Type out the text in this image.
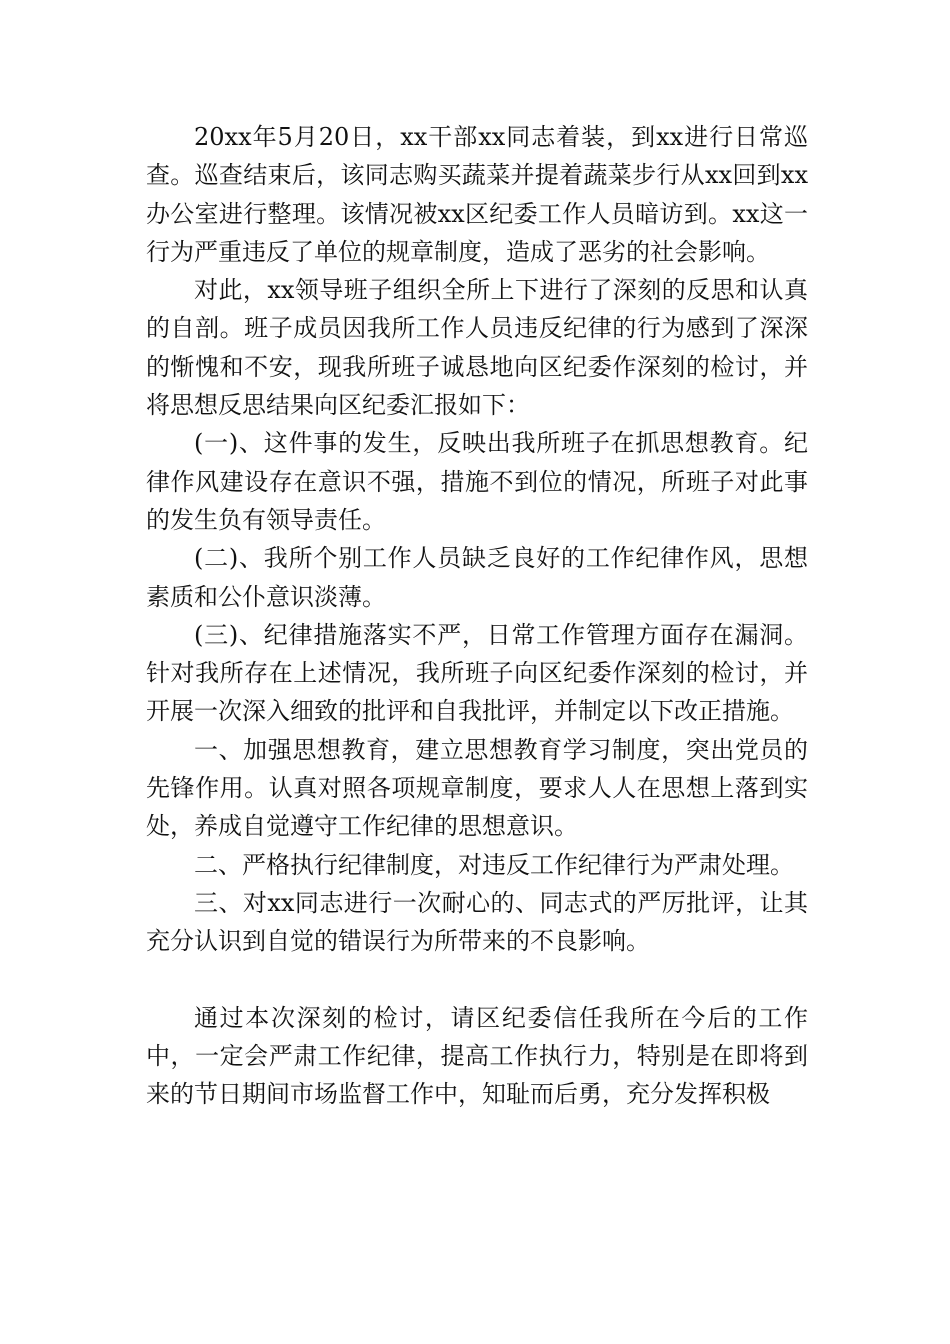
20xx年5月20日，xx干部xx同志着装，到xx进行日常巡查。巡查结束后，该同志购买蔬菜并提着蔬菜步行从xx回到xx办公室进行整理。该情况被xx区纪委工作人员暗访到。xx这一行为严重违反了单位的规章制度，造成了恶劣的社会影响。

对此，xx领导班子组织全所上下进行了深刻的反思和认真的自剖。班子成员因我所工作人员违反纪律的行为感到了深深的惭愧和不安，现我所班子诚恳地向区纪委作深刻的检讨，并将思想反思结果向区纪委汇报如下：

(一)、这件事的发生，反映出我所班子在抓思想教育。纪律作风建设存在意识不强，措施不到位的情况，所班子对此事的发生负有领导责任。

(二)、我所个别工作人员缺乏良好的工作纪律作风，思想素质和公仆意识淡薄。

(三)、纪律措施落实不严，日常工作管理方面存在漏洞。针对我所存在上述情况，我所班子向区纪委作深刻的检讨，并开展一次深入细致的批评和自我批评，并制定以下改正措施。

一、加强思想教育，建立思想教育学习制度，突出党员的先锋作用。认真对照各项规章制度，要求人人在思想上落到实处，养成自觉遵守工作纪律的思想意识。

二、严格执行纪律制度，对违反工作纪律行为严肃处理。

三、对xx同志进行一次耐心的、同志式的严厉批评，让其充分认识到自觉的错误行为所带来的不良影响。

通过本次深刻的检讨，请区纪委信任我所在今后的工作中，一定会严肃工作纪律，提高工作执行力，特别是在即将到来的节日期间市场监督工作中，知耻而后勇，充分发挥积极
